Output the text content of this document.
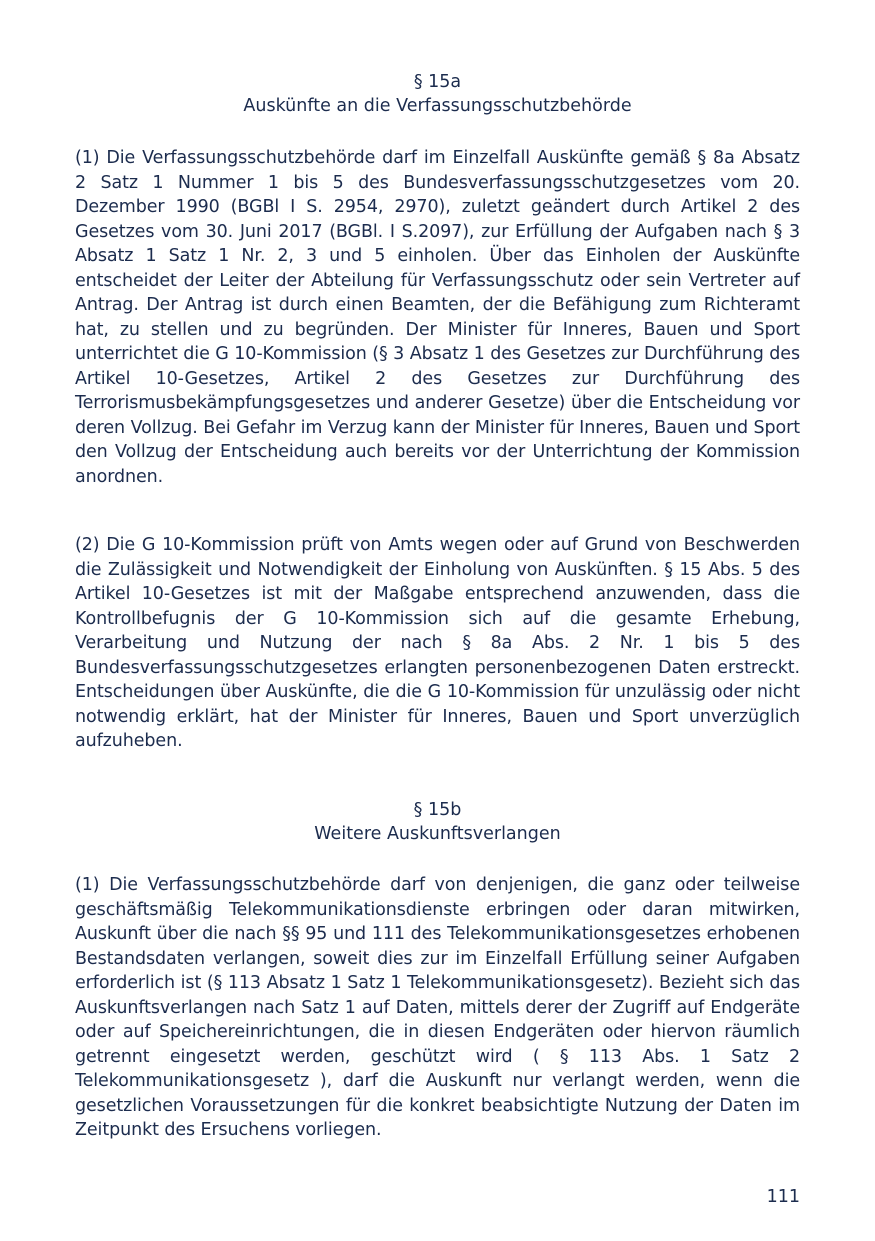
§ 15a
Auskünfte an die Verfassungsschutzbehörde

(1) Die Verfassungsschutzbehörde darf im Einzelfall Auskünfte gemäß § 8a Absatz 2 Satz 1 Nummer 1 bis 5 des Bundesverfassungsschutzgesetzes vom 20. Dezember 1990 (BGBl I S. 2954, 2970), zuletzt geändert durch Artikel 2 des Gesetzes vom 30. Juni 2017 (BGBl. I S.2097), zur Erfüllung der Aufgaben nach § 3 Absatz 1 Satz 1 Nr. 2, 3 und 5 einholen. Über das Einholen der Auskünfte entscheidet der Leiter der Abteilung für Verfassungsschutz oder sein Vertreter auf Antrag. Der Antrag ist durch einen Beamten, der die Befähigung zum Richteramt hat, zu stellen und zu begründen. Der Minister für Inneres, Bauen und Sport unterrichtet die G 10-Kommission (§ 3 Absatz 1 des Gesetzes zur Durchführung des Artikel 10-Gesetzes, Artikel 2 des Gesetzes zur Durchführung des Terrorismusbekämpfungsgesetzes und anderer Gesetze) über die Entscheidung vor deren Vollzug. Bei Gefahr im Verzug kann der Minister für Inneres, Bauen und Sport den Vollzug der Entscheidung auch bereits vor der Unterrichtung der Kommission anordnen.

(2) Die G 10-Kommission prüft von Amts wegen oder auf Grund von Beschwerden die Zulässigkeit und Notwendigkeit der Einholung von Auskünften. § 15 Abs. 5 des Artikel 10-Gesetzes ist mit der Maßgabe entsprechend anzuwenden, dass die Kontrollbefugnis der G 10-Kommission sich auf die gesamte Erhebung, Verarbeitung und Nutzung der nach § 8a Abs. 2 Nr. 1 bis 5 des Bundesverfassungsschutzgesetzes erlangten personenbezogenen Daten erstreckt. Entscheidungen über Auskünfte, die die G 10-Kommission für unzulässig oder nicht notwendig erklärt, hat der Minister für Inneres, Bauen und Sport unverzüglich aufzuheben.

§ 15b
Weitere Auskunftsverlangen

(1) Die Verfassungsschutzbehörde darf von denjenigen, die ganz oder teilweise geschäftsmäßig Telekommunikationsdienste erbringen oder daran mitwirken, Auskunft über die nach §§ 95 und 111 des Telekommunikationsgesetzes erhobenen Bestandsdaten verlangen, soweit dies zur im Einzelfall Erfüllung seiner Aufgaben erforderlich ist (§ 113 Absatz 1 Satz 1 Telekommunikationsgesetz). Bezieht sich das Auskunftsverlangen nach Satz 1 auf Daten, mittels derer der Zugriff auf Endgeräte oder auf Speichereinrichtungen, die in diesen Endgeräten oder hiervon räumlich getrennt eingesetzt werden, geschützt wird ( § 113 Abs. 1 Satz 2 Telekommunikationsgesetz ), darf die Auskunft nur verlangt werden, wenn die gesetzlichen Voraussetzungen für die konkret beabsichtigte Nutzung der Daten im Zeitpunkt des Ersuchens vorliegen.

111
